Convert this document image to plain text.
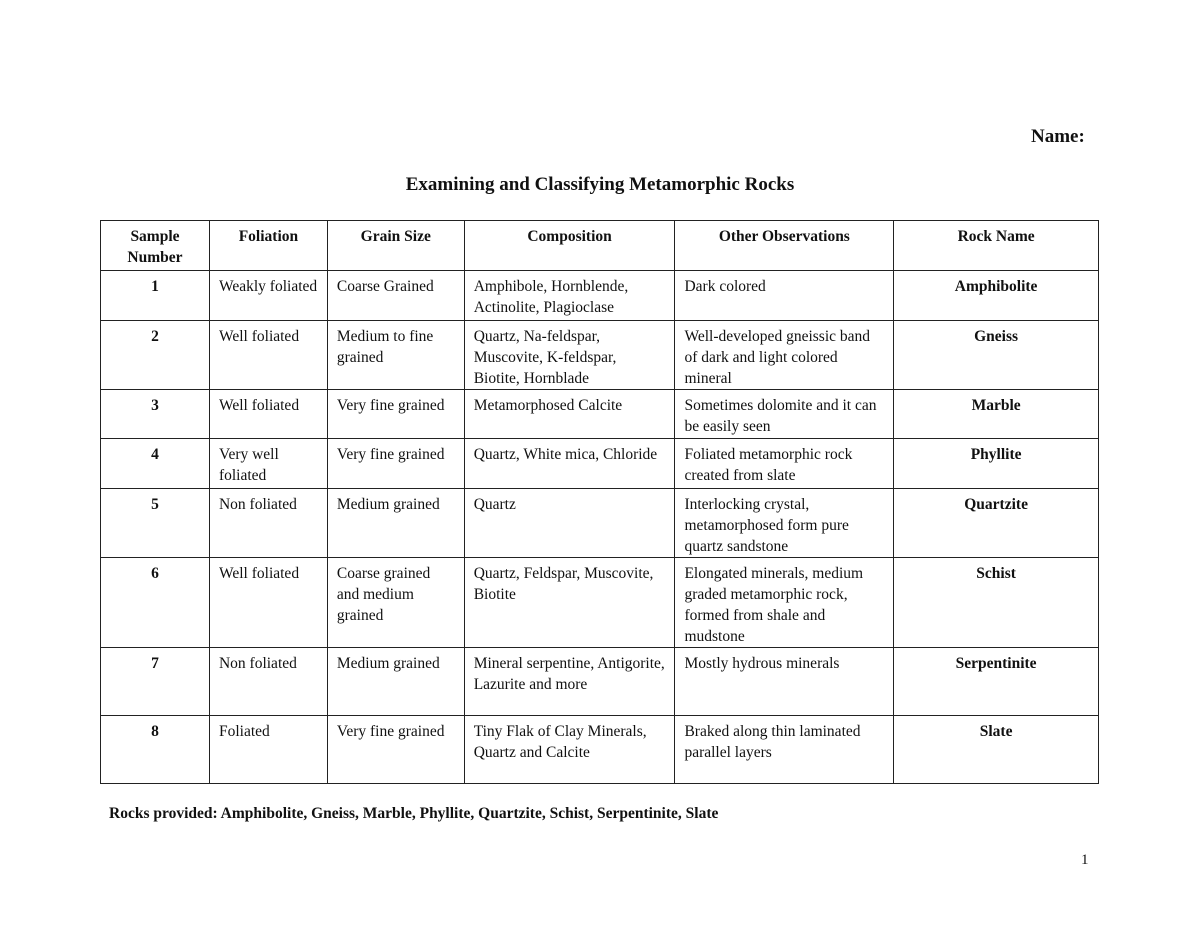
Name:
Examining and Classifying Metamorphic Rocks
Sample Number	Foliation	Grain Size	Composition	Other Observations	Rock Name
1	Weakly foliated	Coarse Grained	Amphibole, Hornblende, Actinolite, Plagioclase	Dark colored	Amphibolite
2	Well foliated	Medium to fine grained	Quartz, Na-feldspar, Muscovite, K-feldspar, Biotite, Hornblade	Well-developed gneissic band of dark and light colored mineral	Gneiss
3	Well foliated	Very fine grained	Metamorphosed Calcite	Sometimes dolomite and it can be easily seen	Marble
4	Very well foliated	Very fine grained	Quartz, White mica, Chloride	Foliated metamorphic rock created from slate	Phyllite
5	Non foliated	Medium grained	Quartz	Interlocking crystal, metamorphosed form pure quartz sandstone	Quartzite
6	Well foliated	Coarse grained and medium grained	Quartz, Feldspar, Muscovite, Biotite	Elongated minerals, medium graded metamorphic rock, formed from shale and mudstone	Schist
7	Non foliated	Medium grained	Mineral serpentine, Antigorite, Lazurite and more	Mostly hydrous minerals	Serpentinite
8	Foliated	Very fine grained	Tiny Flak of Clay Minerals, Quartz and Calcite	Braked along thin laminated parallel layers	Slate
Rocks provided: Amphibolite, Gneiss, Marble, Phyllite, Quartzite, Schist, Serpentinite, Slate
1
